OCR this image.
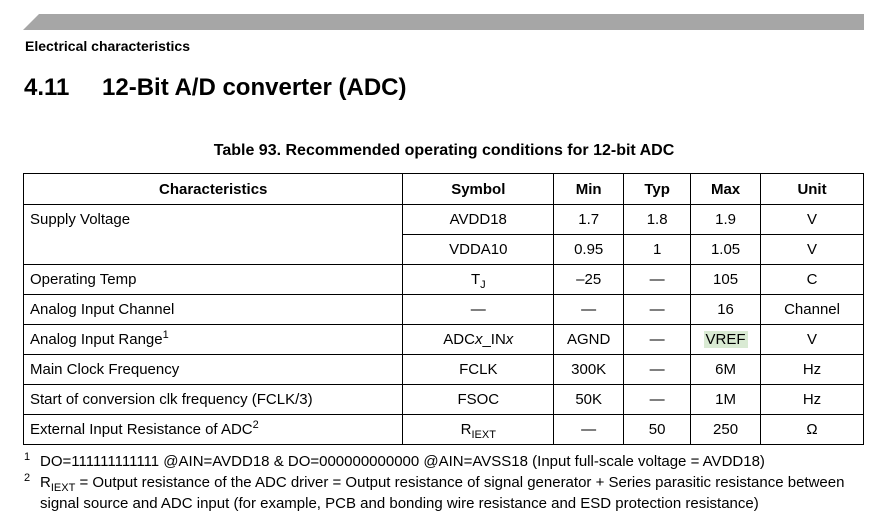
Electrical characteristics
4.11 12-Bit A/D converter (ADC)
Table 93. Recommended operating conditions for 12-bit ADC
Characteristics	Symbol	Min	Typ	Max	Unit
Supply Voltage	AVDD18	1.7	1.8	1.9	V
	VDDA10	0.95	1	1.05	V
Operating Temp	$T_J$	–25	—	105	C
Analog Input Channel	—	—	—	16	Channel
Analog Input Range$^1$	ADCx_INx	AGND	—	VREF	V
Main Clock Frequency	FCLK	300K	—	6M	Hz
Start of conversion clk frequency (FCLK/3)	FSOC	50K	—	1M	Hz
External Input Resistance of ADC$^2$	$R_{IEXT}$	—	50	250	Ω
1 DO=111111111111 @AIN=AVDD18 & DO=000000000000 @AIN=AVSS18 (Input full-scale voltage = AVDD18)
2 $R_{IEXT}$ = Output resistance of the ADC driver = Output resistance of signal generator + Series parasitic resistance between signal source and ADC input (for example, PCB and bonding wire resistance and ESD protection resistance)
